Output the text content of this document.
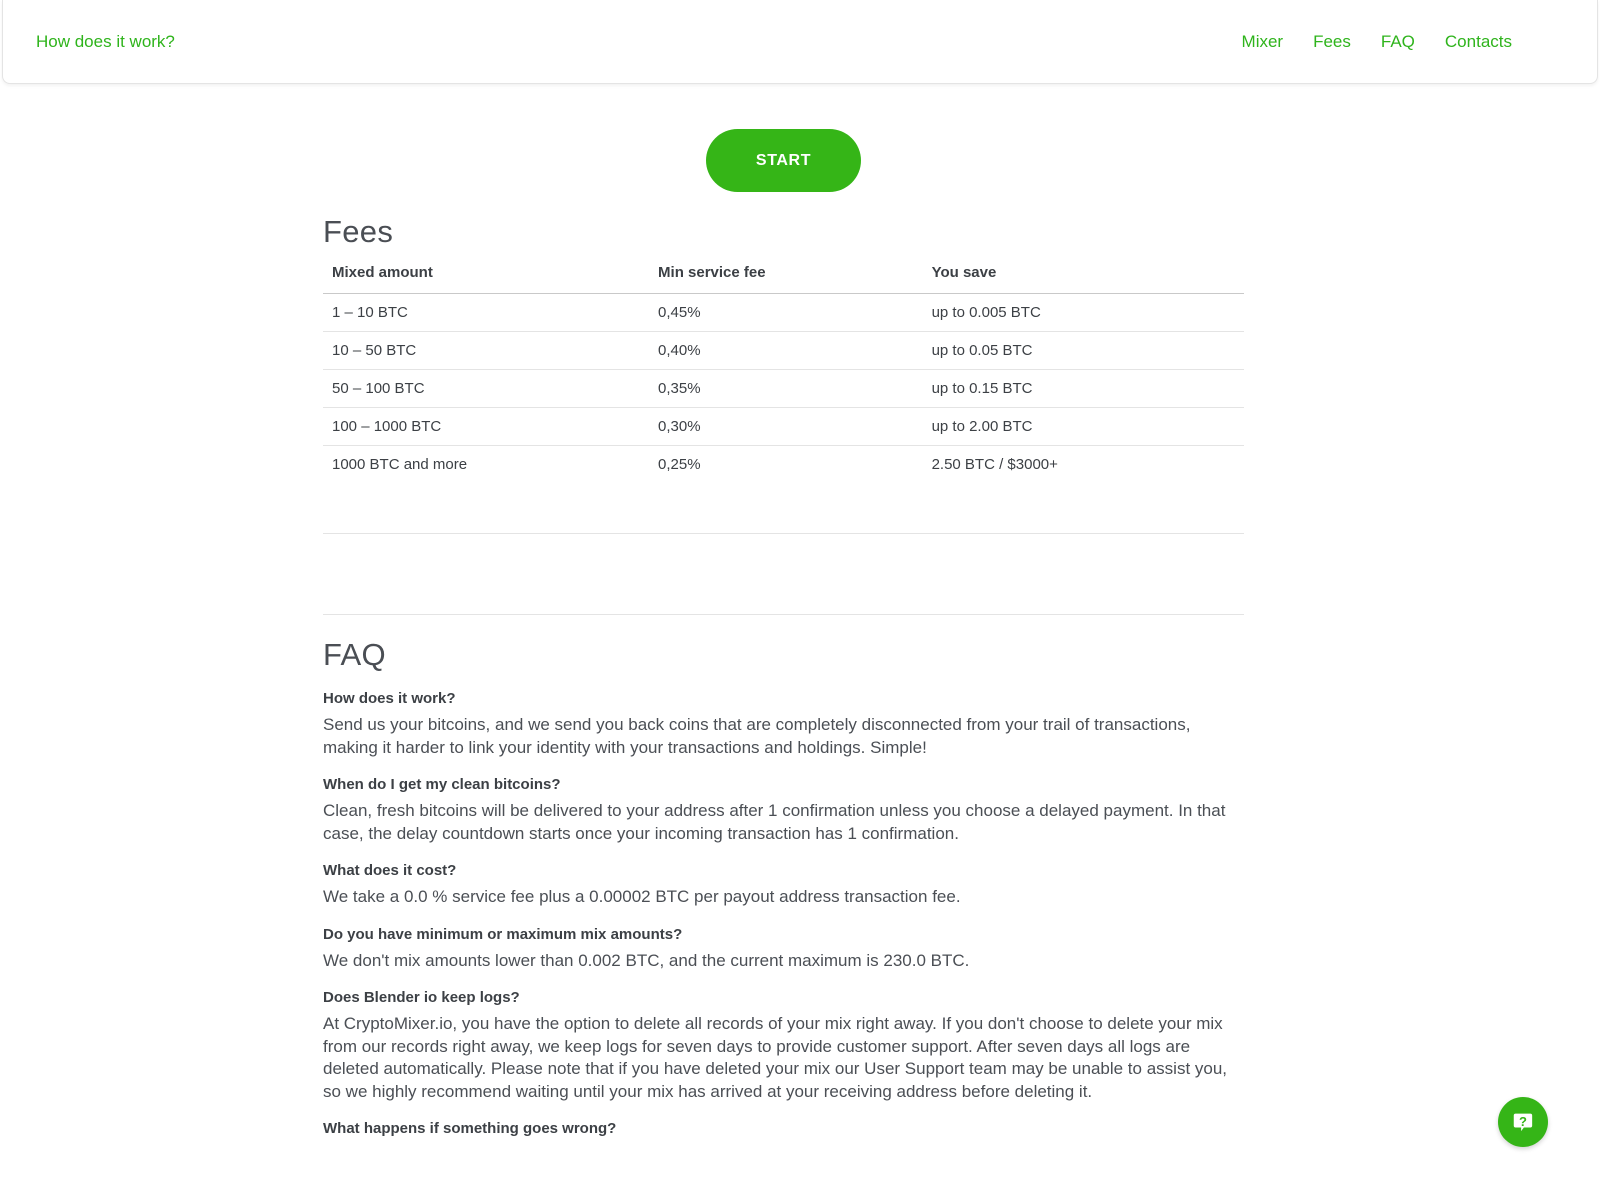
How does it work?	Mixer Fees FAQ Contacts
START
Fees
Mixed amount	Min service fee	You save
1 – 10 BTC	0,45%	up to 0.005 BTC
10 – 50 BTC	0,40%	up to 0.05 BTC
50 – 100 BTC	0,35%	up to 0.15 BTC
100 – 1000 BTC	0,30%	up to 2.00 BTC
1000 BTC and more	0,25%	2.50 BTC / $3000+
FAQ

How does it work?

Send us your bitcoins, and we send you back coins that are completely disconnected from your trail of transactions, making it harder to link your identity with your transactions and holdings. Simple!

When do I get my clean bitcoins?

Clean, fresh bitcoins will be delivered to your address after 1 confirmation unless you choose a delayed payment. In that case, the delay countdown starts once your incoming transaction has 1 confirmation.

What does it cost?

We take a 0.0 % service fee plus a 0.00002 BTC per payout address transaction fee.

Do you have minimum or maximum mix amounts?

We don't mix amounts lower than 0.002 BTC, and the current maximum is 230.0 BTC.

Does Blender io keep logs?

At CryptoMixer.io, you have the option to delete all records of your mix right away. If you don't choose to delete your mix from our records right away, we keep logs for seven days to provide customer support. After seven days all logs are deleted automatically. Please note that if you have deleted your mix our User Support team may be unable to assist you, so we highly recommend waiting until your mix has arrived at your receiving address before deleting it.

What happens if something goes wrong?	?
